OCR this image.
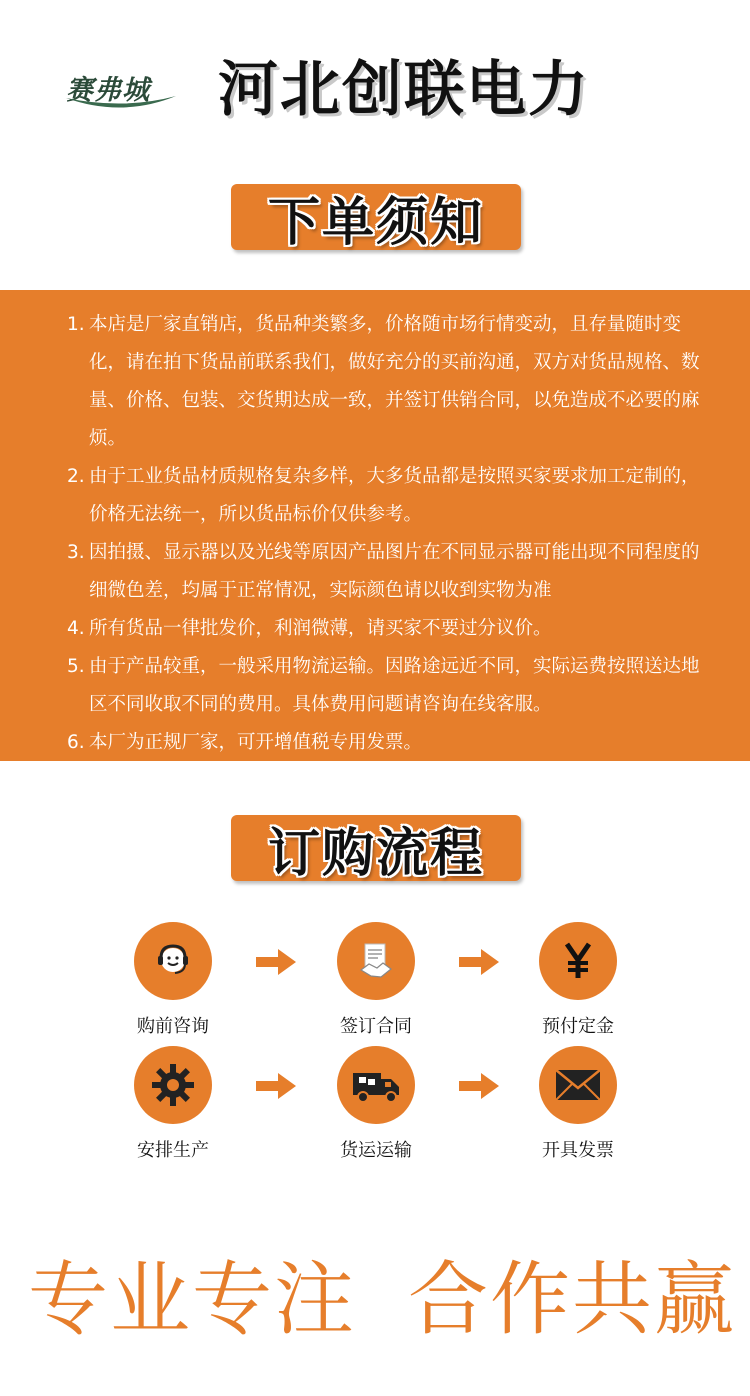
赛弗城 河北创联电力
下单须知
1. 本店是厂家直销店，货品种类繁多，价格随市场行情变动，且存量随时变化，请在拍下货品前联系我们，做好充分的买前沟通，双方对货品规格、数量、价格、包装、交货期达成一致，并签订供销合同，以免造成不必要的麻烦。
2. 由于工业货品材质规格复杂多样，大多货品都是按照买家要求加工定制的，价格无法统一，所以货品标价仅供参考。
3. 因拍摄、显示器以及光线等原因产品图片在不同显示器可能出现不同程度的细微色差，均属于正常情况，实际颜色请以收到实物为准
4. 所有货品一律批发价，利润微薄，请买家不要过分议价。
5. 由于产品较重，一般采用物流运输。因路途远近不同，实际运费按照送达地区不同收取不同的费用。具体费用问题请咨询在线客服。
6. 本厂为正规厂家，可开增值税专用发票。
订购流程
购前咨询	签订合同	预付定金
安排生产	货运运输	开具发票
专业专注 合作共赢
